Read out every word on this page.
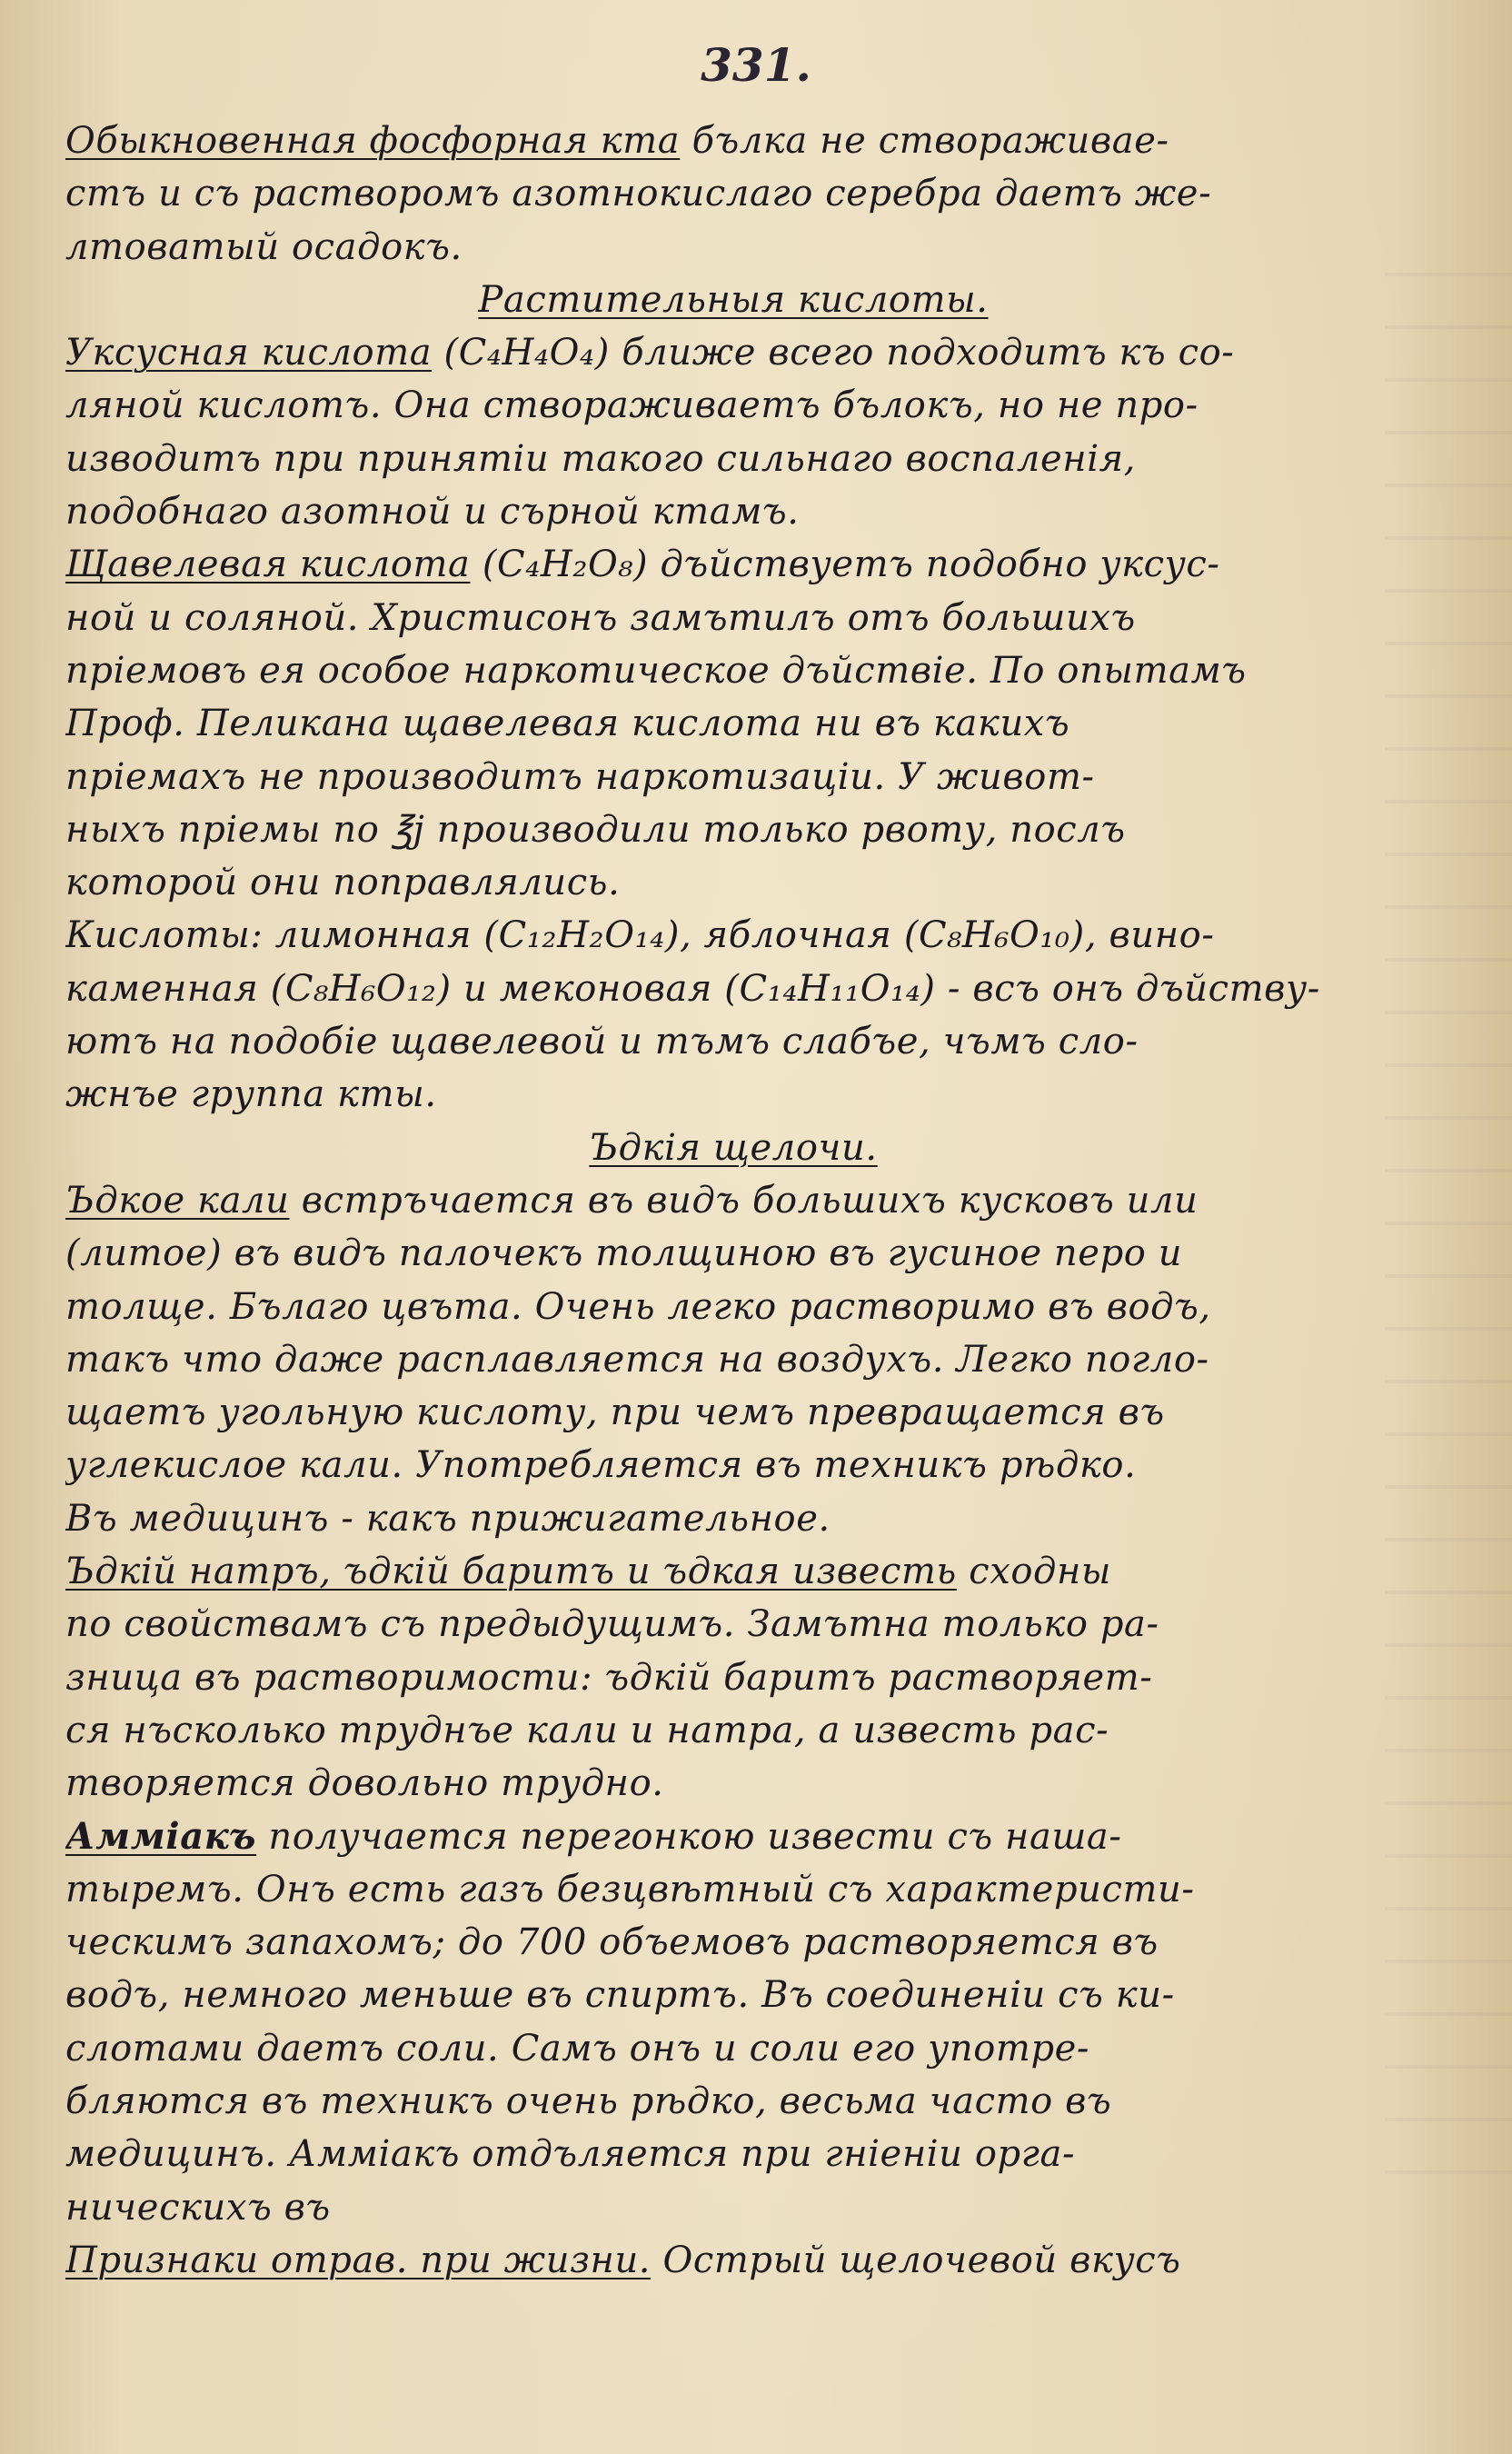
331.

Обыкновенная фосфорная кта бълка не створаживаe-

стъ и съ растворомъ азотнокислаго серебра даетъ же-

лтоватый осадокъ.

Растительныя кислоты.

Уксусная кислота (C₄H₄O₄) ближе всего подходитъ къ со-

ляной кислотъ. Она створаживаетъ бълокъ, но не про-

изводитъ при принятiи такого сильнаго воспаленiя,

подобнаго азотной и сърной ктамъ.

Щавелевая кислота (C₄H₂O₈) дъйствуетъ подобно уксус-

ной и соляной. Христисонъ замътилъ отъ большихъ

прiемовъ ея особое наркотическое дъйствiе. По опытамъ

Проф. Пеликана щавелевая кислота ни въ какихъ

прiемахъ не производитъ наркотизацiи. У живот-

ныхъ прiемы по ℥j производили только рвоту, послъ

которой они поправлялись.

Кислоты: лимонная (C₁₂H₂O₁₄), яблочная (C₈H₆O₁₀), вино-

каменная (C₈H₆O₁₂) и меконовая (C₁₄H₁₁O₁₄) - всъ онъ дъйству-

ютъ на подобiе щавелевой и тъмъ слабъе, чъмъ сло-

жнъе группа кты.

Ъдкiя щелочи.

Ъдкое кали встръчается въ видъ большихъ кусковъ или

(литое) въ видъ палочекъ толщиною въ гусиное перо и

толще. Бълаго цвъта. Очень легко растворимо въ водъ,

такъ что даже расплавляется на воздухъ. Легко погло-

щаетъ угольную кислоту, при чемъ превращается въ

углекислое кали. Употребляется въ техникъ рѣдко.

Въ медицинъ - какъ прижигательное.

Ъдкiй натръ, ъдкiй баритъ и ъдкая известь сходны

по свойствамъ съ предыдущимъ. Замътна только ра-

зница въ растворимости: ъдкiй баритъ растворяет-

ся нъсколько труднъе кали и натра, а известь рас-

творяется довольно трудно.

Аммiакъ получается перегонкою извести съ наша-

тыремъ. Онъ есть газъ безцвѣтный съ характеристи-

ческимъ запахомъ; до 700 объемовъ растворяется въ

водъ, немного меньше въ спиртъ. Въ соединенiи съ ки-

слотами даетъ соли. Самъ онъ и соли его употре-

бляются въ техникъ очень рѣдко, весьма часто въ

медицинъ. Аммiакъ отдъляется при гнiенiи орга-

ническихъ въ

Признаки отрав. при жизни. Острый щелочевой вкусъ
